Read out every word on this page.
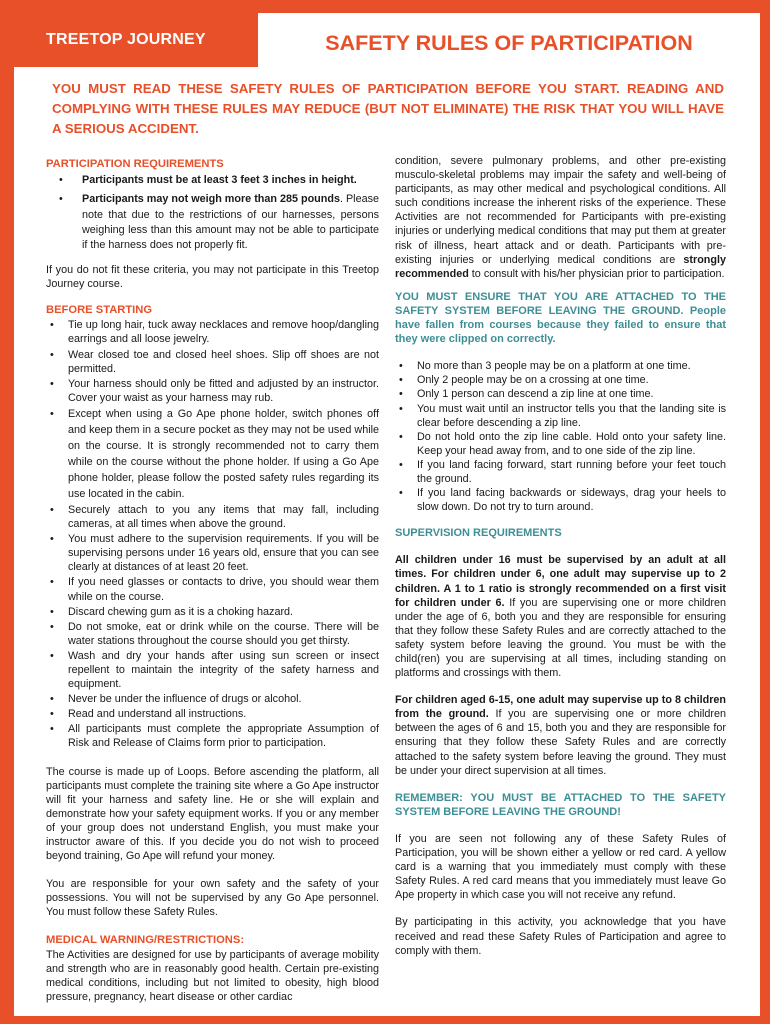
TREETOP JOURNEY	SAFETY RULES OF PARTICIPATION
YOU MUST READ THESE SAFETY RULES OF PARTICIPATION BEFORE YOU START. READING AND COMPLYING WITH THESE RULES MAY REDUCE (BUT NOT ELIMINATE) THE RISK THAT YOU WILL HAVE A SERIOUS ACCIDENT.

PARTICIPATION REQUIREMENTS

• Participants must be at least 3 feet 3 inches in height.
• Participants may not weigh more than 285 pounds. Please note that due to the restrictions of our harnesses, persons weighing less than this amount may not be able to participate if the harness does not properly fit.

If you do not fit these criteria, you may not participate in this Treetop Journey course.

BEFORE STARTING

• Tie up long hair, tuck away necklaces and remove hoop/dangling earrings and all loose jewelry.
• Wear closed toe and closed heel shoes. Slip off shoes are not permitted.
• Your harness should only be fitted and adjusted by an instructor. Cover your waist as your harness may rub.
• Except when using a Go Ape phone holder, switch phones off and keep them in a secure pocket as they may not be used while on the course. It is strongly recommended not to carry them while on the course without the phone holder. If using a Go Ape phone holder, please follow the posted safety rules regarding its use located in the cabin.
• Securely attach to you any items that may fall, including cameras, at all times when above the ground.
• You must adhere to the supervision requirements. If you will be supervising persons under 16 years old, ensure that you can see clearly at distances of at least 20 feet.
• If you need glasses or contacts to drive, you should wear them while on the course.
• Discard chewing gum as it is a choking hazard.
• Do not smoke, eat or drink while on the course. There will be water stations throughout the course should you get thirsty.
• Wash and dry your hands after using sun screen or insect repellent to maintain the integrity of the safety harness and equipment.
• Never be under the influence of drugs or alcohol.
• Read and understand all instructions.
• All participants must complete the appropriate Assumption of Risk and Release of Claims form prior to participation.

The course is made up of Loops. Before ascending the platform, all participants must complete the training site where a Go Ape instructor will fit your harness and safety line. He or she will explain and demonstrate how your safety equipment works. If you or any member of your group does not understand English, you must make your instructor aware of this. If you decide you do not wish to proceed beyond training, Go Ape will refund your money.

You are responsible for your own safety and the safety of your possessions. You will not be supervised by any Go Ape personnel. You must follow these Safety Rules.

MEDICAL WARNING/RESTRICTIONS:

The Activities are designed for use by participants of average mobility and strength who are in reasonably good health. Certain pre-existing medical conditions, including but not limited to obesity, high blood pressure, pregnancy, heart disease or other cardiac

condition, severe pulmonary problems, and other pre-existing musculo-skeletal problems may impair the safety and well-being of participants, as may other medical and psychological conditions. All such conditions increase the inherent risks of the experience. These Activities are not recommended for Participants with pre-existing injuries or underlying medical conditions that may put them at greater risk of illness, heart attack and or death. Participants with pre-existing injuries or underlying medical conditions are strongly recommended to consult with his/her physician prior to participation.

YOU MUST ENSURE THAT YOU ARE ATTACHED TO THE SAFETY SYSTEM BEFORE LEAVING THE GROUND. People have fallen from courses because they failed to ensure that they were clipped on correctly.

• No more than 3 people may be on a platform at one time.
• Only 2 people may be on a crossing at one time.
• Only 1 person can descend a zip line at one time.
• You must wait until an instructor tells you that the landing site is clear before descending a zip line.
• Do not hold onto the zip line cable. Hold onto your safety line. Keep your head away from, and to one side of the zip line.
• If you land facing forward, start running before your feet touch the ground.
• If you land facing backwards or sideways, drag your heels to slow down. Do not try to turn around.

SUPERVISION REQUIREMENTS

All children under 16 must be supervised by an adult at all times. For children under 6, one adult may supervise up to 2 children. A 1 to 1 ratio is strongly recommended on a first visit for children under 6. If you are supervising one or more children under the age of 6, both you and they are responsible for ensuring that they follow these Safety Rules and are correctly attached to the safety system before leaving the ground. You must be with the child(ren) you are supervising at all times, including standing on platforms and crossings with them.

For children aged 6-15, one adult may supervise up to 8 children from the ground. If you are supervising one or more children between the ages of 6 and 15, both you and they are responsible for ensuring that they follow these Safety Rules and are correctly attached to the safety system before leaving the ground. They must be under your direct supervision at all times.

REMEMBER: YOU MUST BE ATTACHED TO THE SAFETY SYSTEM BEFORE LEAVING THE GROUND!

If you are seen not following any of these Safety Rules of Participation, you will be shown either a yellow or red card. A yellow card is a warning that you immediately must comply with these Safety Rules. A red card means that you immediately must leave Go Ape property in which case you will not receive any refund.

By participating in this activity, you acknowledge that you have received and read these Safety Rules of Participation and agree to comply with them.
